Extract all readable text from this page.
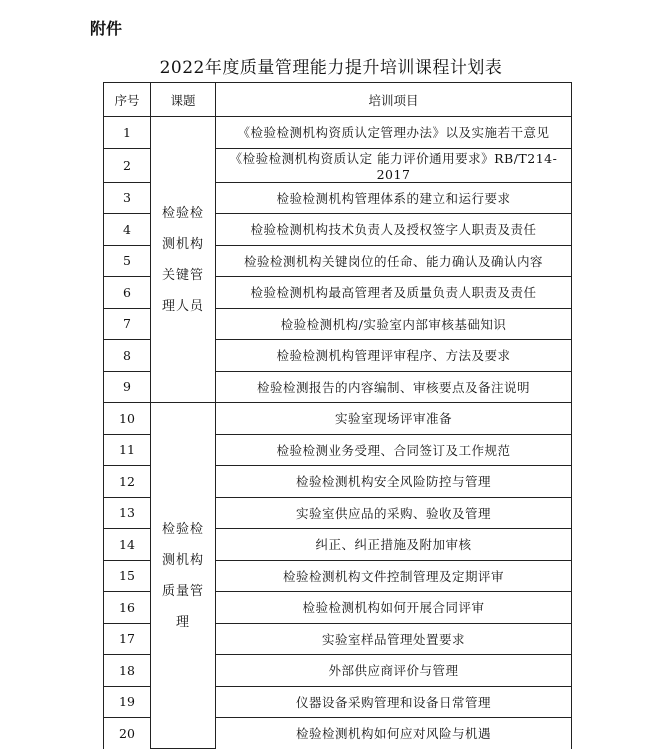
附件
2022年度质量管理能力提升培训课程计划表
序号	课题	培训项目
1	检验检测机构关键管理人员	《检验检测机构资质认定管理办法》以及实施若干意见
2		《检验检测机构资质认定 能力评价通用要求》RB/T214-2017
3		检验检测机构管理体系的建立和运行要求
4		检验检测机构技术负责人及授权签字人职责及责任
5		检验检测机构关键岗位的任命、能力确认及确认内容
6		检验检测机构最高管理者及质量负责人职责及责任
7		检验检测机构/实验室内部审核基础知识
8		检验检测机构管理评审程序、方法及要求
9		检验检测报告的内容编制、审核要点及备注说明
10	检验检测机构质量管理	实验室现场评审准备
11		检验检测业务受理、合同签订及工作规范
12		检验检测机构安全风险防控与管理
13		实验室供应品的采购、验收及管理
14		纠正、纠正措施及附加审核
15		检验检测机构文件控制管理及定期评审
16		检验检测机构如何开展合同评审
17		实验室样品管理处置要求
18		外部供应商评价与管理
19		仪器设备采购管理和设备日常管理
20		检验检测机构如何应对风险与机遇
